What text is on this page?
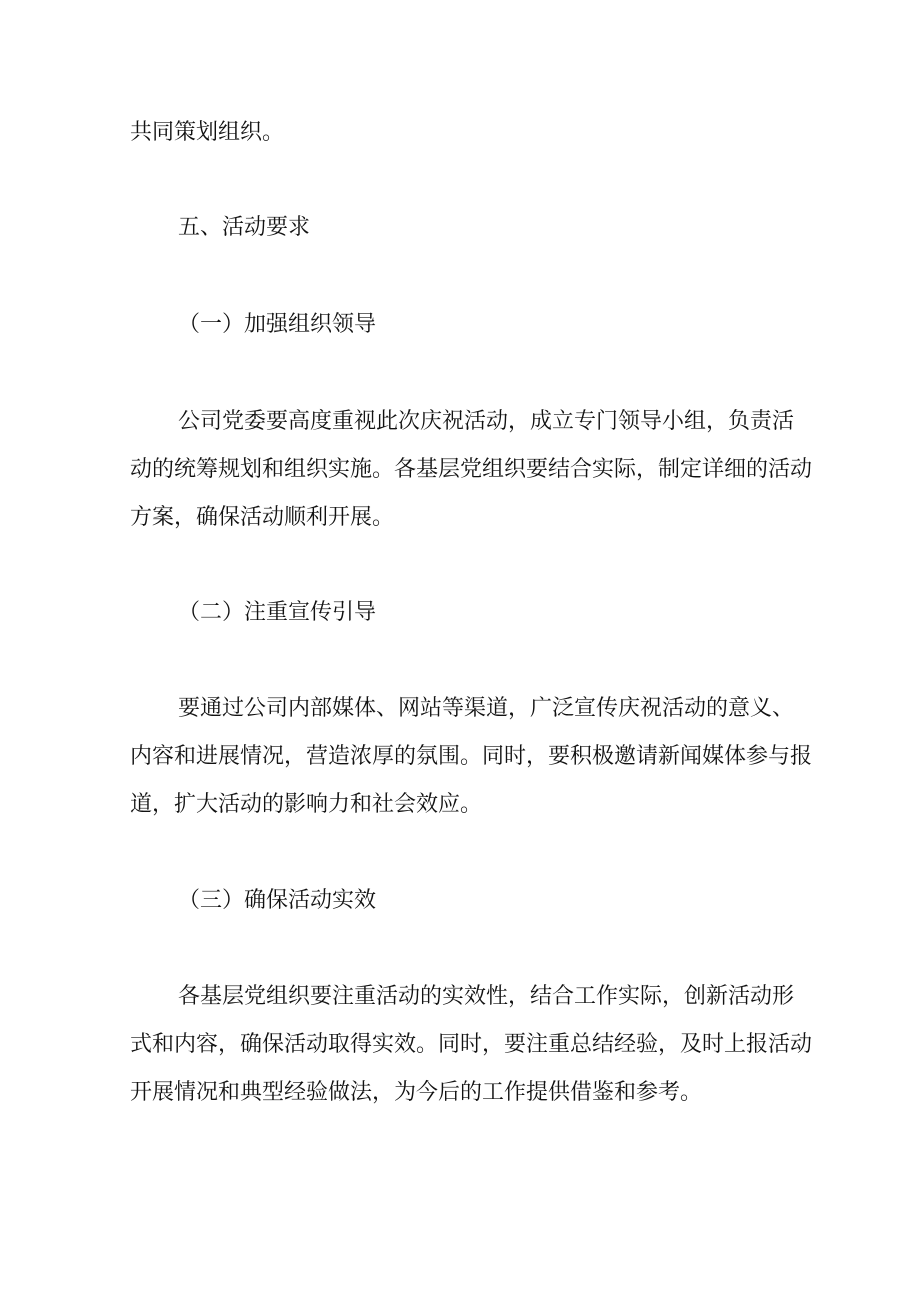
共同策划组织。
五、活动要求
（一）加强组织领导
公司党委要高度重视此次庆祝活动，成立专门领导小组，负责活
动的统筹规划和组织实施。各基层党组织要结合实际，制定详细的活动
方案，确保活动顺利开展。
（二）注重宣传引导
要通过公司内部媒体、网站等渠道，广泛宣传庆祝活动的意义、
内容和进展情况，营造浓厚的氛围。同时，要积极邀请新闻媒体参与报
道，扩大活动的影响力和社会效应。
（三）确保活动实效
各基层党组织要注重活动的实效性，结合工作实际，创新活动形
式和内容，确保活动取得实效。同时，要注重总结经验，及时上报活动
开展情况和典型经验做法，为今后的工作提供借鉴和参考。
